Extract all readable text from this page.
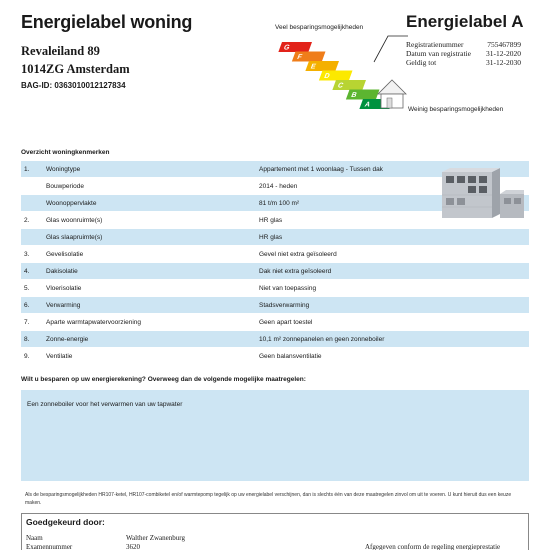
Energielabel woning
Revaleiland 89
1014ZG Amsterdam
BAG-ID: 0363010012127834
Veel besparingsmogelijkheden
G
F
E
D
C
B
A
Weinig besparingsmogelijkheden
Energielabel A
Registratienummer	755467899
Datum van registratie 31-12-2020
Geldig tot	31-12-2030
Overzicht woningkenmerken
1.	Woningtype	Appartement met 1 woonlaag - Tussen dak
Bouwperiode	2014 - heden
Woonoppervlakte	81 t/m 100 m²
2.	Glas woonruimte(s)	HR glas
Glas slaapruimte(s)	HR glas
3.	Gevelisolatie	Gevel niet extra geïsoleerd
4.	Dakisolatie	Dak niet extra geïsoleerd
5.	Vloerisolatie	Niet van toepassing
6.	Verwarming	Stadsverwarming
7.	Aparte warmtapwatervoorziening	Geen apart toestel
8.	Zonne-energie	10,1 m² zonnepanelen en geen zonneboiler
9.	Ventilatie	Geen balansventilatie
Wilt u besparen op uw energierekening? Overweeg dan de volgende mogelijke maatregelen:
Een zonneboiler voor het verwarmen van uw tapwater
Als de besparingsmogelijkheden HR107-ketel, HR107-combiketel en/of warmtepomp tegelijk op uw energielabel verschijnen, dan is slechts één van deze maatregelen zinvol om uit te voeren. U kunt hieruit dus een keuze maken.
Goedgekeurd door:
Naam	Walther Zwanenburg
Examennummer	3620	Afgegeven conform de regeling energieprestatie
